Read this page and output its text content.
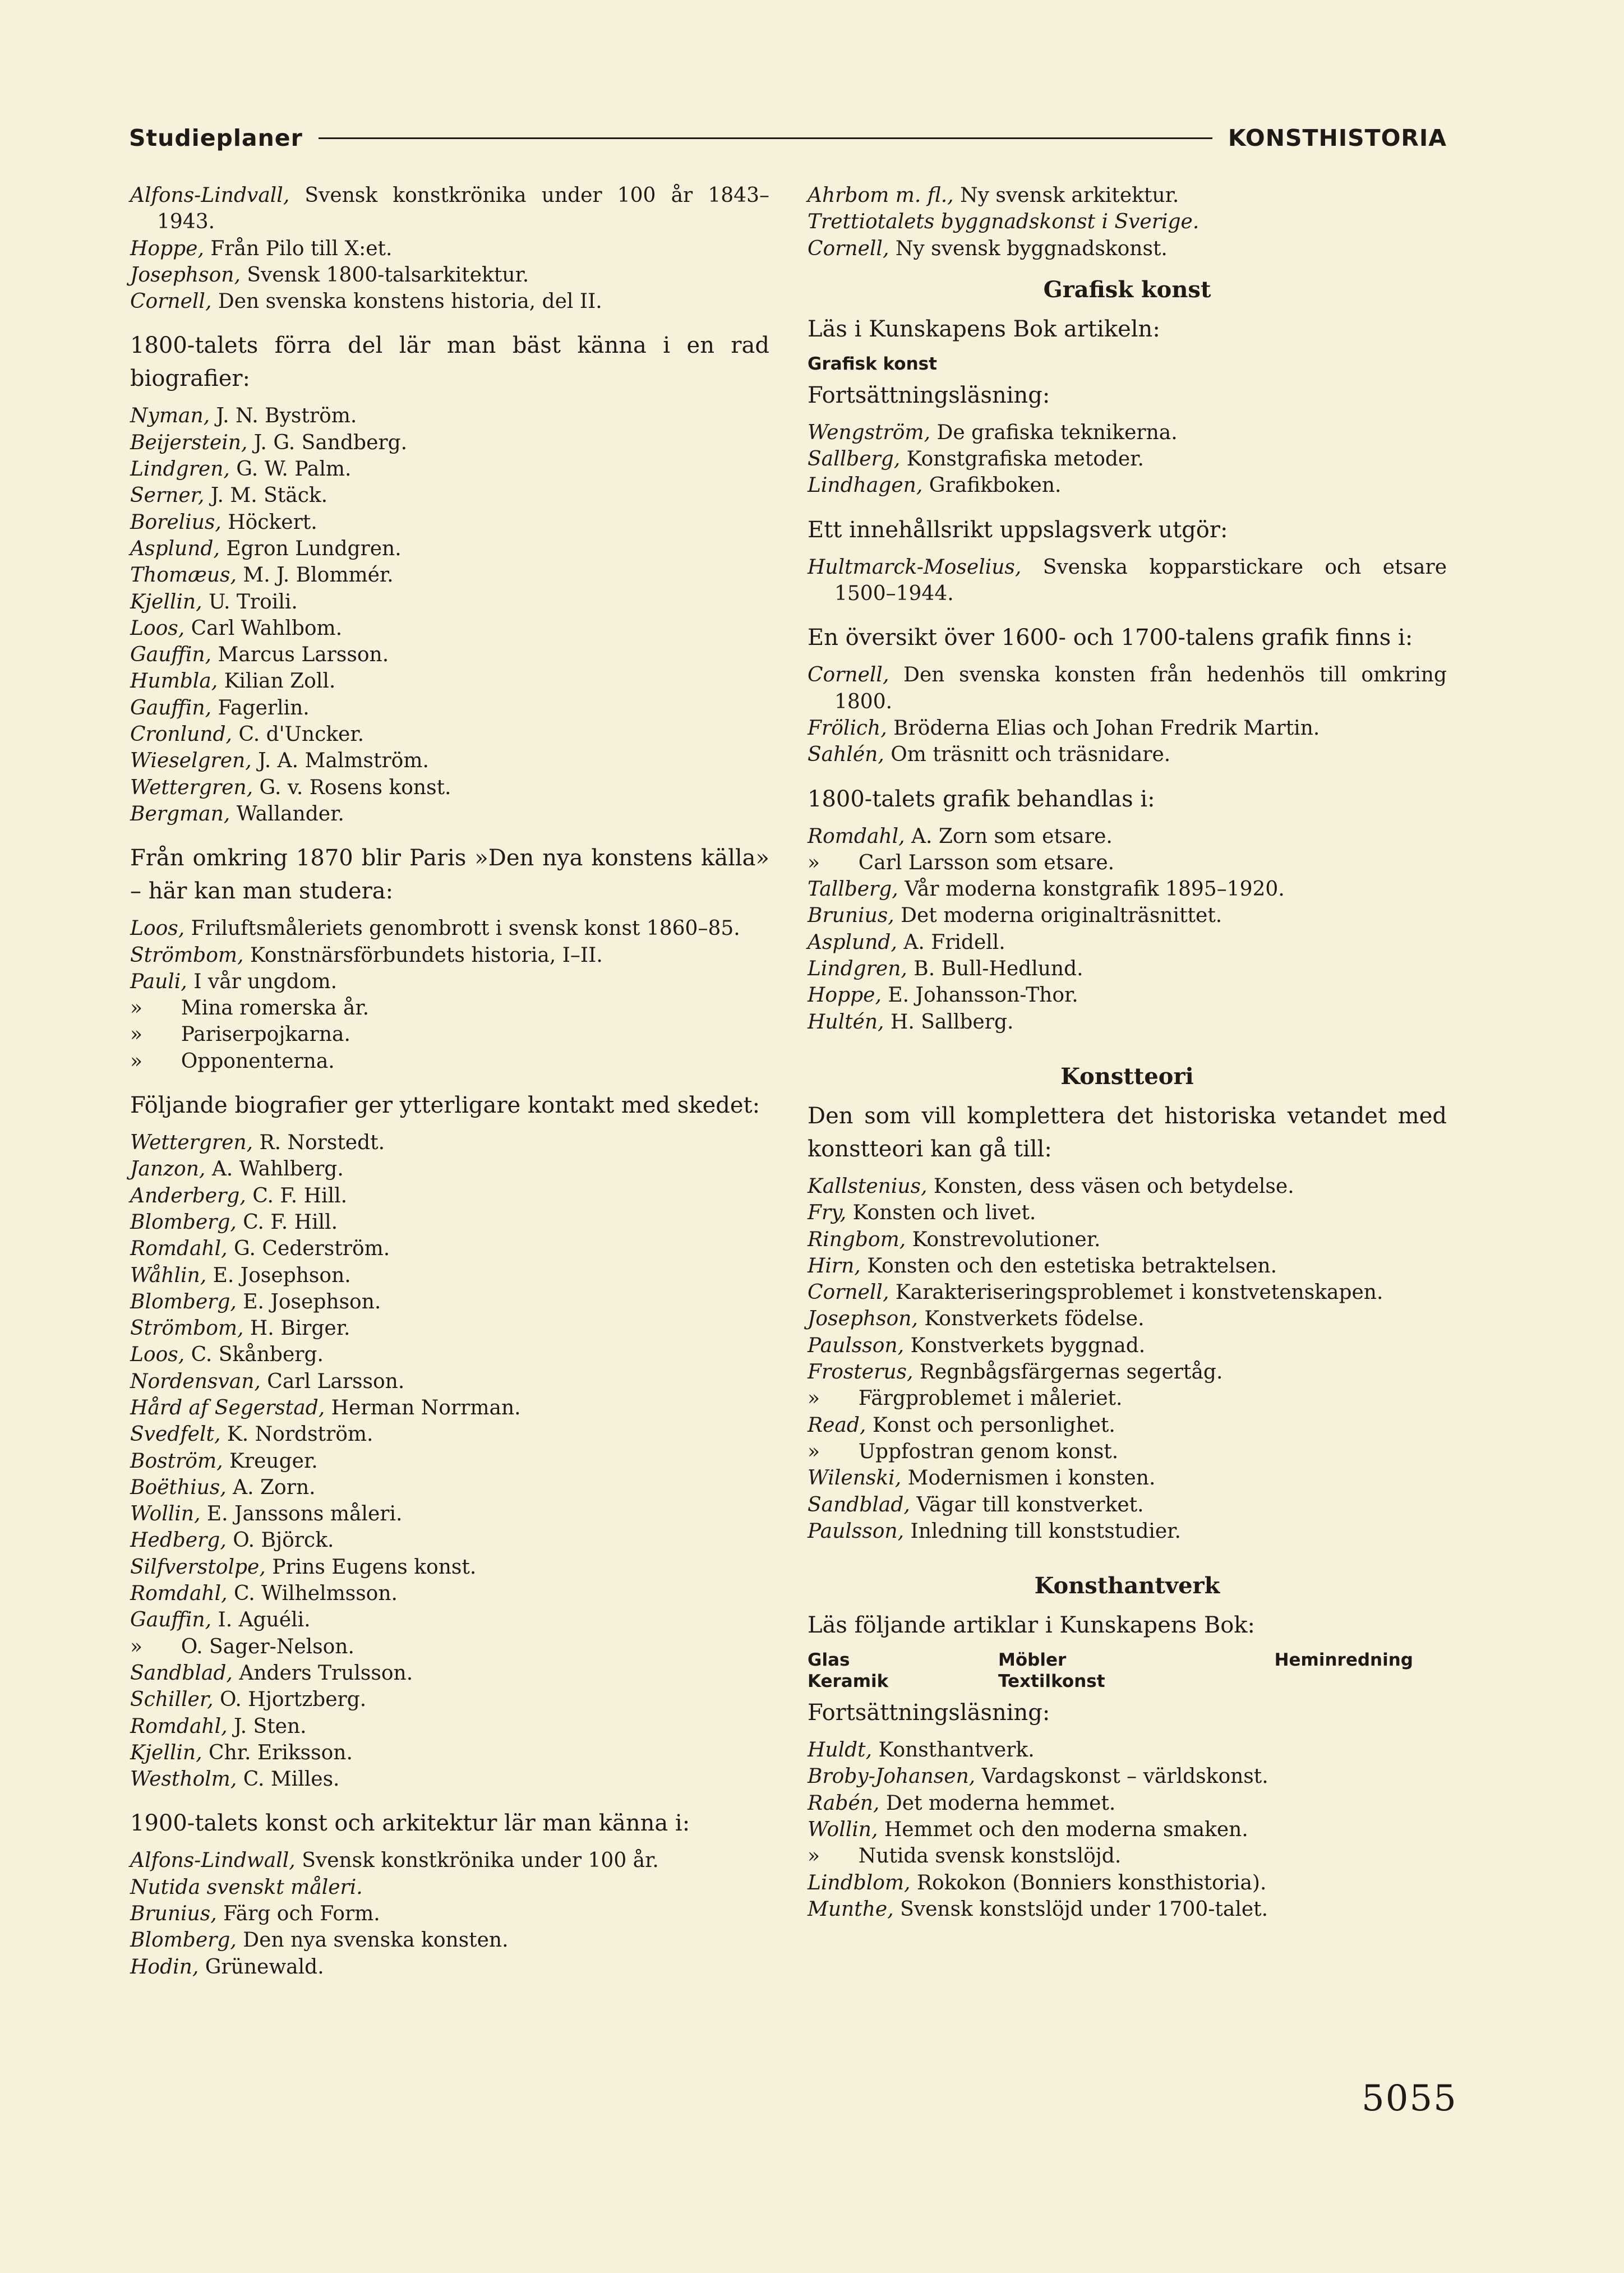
Studieplaner	KONSTHISTORIA
Alfons-Lindvall, Svensk konstkrönika under 100 år 1843–1943.
Hoppe, Från Pilo till X:et.
Josephson, Svensk 1800-talsarkitektur.
Cornell, Den svenska konstens historia, del II.
1800-talets förra del lär man bäst känna i en rad biografier:
Nyman, J. N. Byström.
Beijerstein, J. G. Sandberg.
Lindgren, G. W. Palm.
Serner, J. M. Stäck.
Borelius, Höckert.
Asplund, Egron Lundgren.
Thomæus, M. J. Blommér.
Kjellin, U. Troili.
Loos, Carl Wahlbom.
Gauffin, Marcus Larsson.
Humbla, Kilian Zoll.
Gauffin, Fagerlin.
Cronlund, C. d'Uncker.
Wieselgren, J. A. Malmström.
Wettergren, G. v. Rosens konst.
Bergman, Wallander.
Från omkring 1870 blir Paris »Den nya konstens källa» – här kan man studera:
Loos, Friluftsmåleriets genombrott i svensk konst 1860–85.
Strömbom, Konstnärsförbundets historia, I–II.
Pauli, I vår ungdom.
» Mina romerska år.
» Pariserpojkarna.
» Opponenterna.
Följande biografier ger ytterligare kontakt med skedet:
Wettergren, R. Norstedt.
Janzon, A. Wahlberg.
Anderberg, C. F. Hill.
Blomberg, C. F. Hill.
Romdahl, G. Cederström.
Wåhlin, E. Josephson.
Blomberg, E. Josephson.
Strömbom, H. Birger.
Loos, C. Skånberg.
Nordensvan, Carl Larsson.
Hård af Segerstad, Herman Norrman.
Svedfelt, K. Nordström.
Boström, Kreuger.
Boëthius, A. Zorn.
Wollin, E. Janssons måleri.
Hedberg, O. Björck.
Silfverstolpe, Prins Eugens konst.
Romdahl, C. Wilhelmsson.
Gauffin, I. Aguéli.
» O. Sager-Nelson.
Sandblad, Anders Trulsson.
Schiller, O. Hjortzberg.
Romdahl, J. Sten.
Kjellin, Chr. Eriksson.
Westholm, C. Milles.
1900-talets konst och arkitektur lär man känna i:
Alfons-Lindwall, Svensk konstkrönika under 100 år.
Nutida svenskt måleri.
Brunius, Färg och Form.
Blomberg, Den nya svenska konsten.
Hodin, Grünewald.
Ahrbom m. fl., Ny svensk arkitektur.
Trettiotalets byggnadskonst i Sverige.
Cornell, Ny svensk byggnadskonst.
Grafisk konst
Läs i Kunskapens Bok artikeln:
Grafisk konst
Fortsättningsläsning:
Wengström, De grafiska teknikerna.
Sallberg, Konstgrafiska metoder.
Lindhagen, Grafikboken.
Ett innehållsrikt uppslagsverk utgör:
Hultmarck-Moselius, Svenska kopparstickare och etsare 1500–1944.
En översikt över 1600- och 1700-talens grafik finns i:
Cornell, Den svenska konsten från hedenhös till omkring 1800.
Frölich, Bröderna Elias och Johan Fredrik Martin.
Sahlén, Om träsnitt och träsnidare.
1800-talets grafik behandlas i:
Romdahl, A. Zorn som etsare.
» Carl Larsson som etsare.
Tallberg, Vår moderna konstgrafik 1895–1920.
Brunius, Det moderna originalträsnittet.
Asplund, A. Fridell.
Lindgren, B. Bull-Hedlund.
Hoppe, E. Johansson-Thor.
Hultén, H. Sallberg.
Konstteori
Den som vill komplettera det historiska vetandet med konstteori kan gå till:
Kallstenius, Konsten, dess väsen och betydelse.
Fry, Konsten och livet.
Ringbom, Konstrevolutioner.
Hirn, Konsten och den estetiska betraktelsen.
Cornell, Karakteriseringsproblemet i konstvetenskapen.
Josephson, Konstverkets födelse.
Paulsson, Konstverkets byggnad.
Frosterus, Regnbågsfärgernas segertåg.
» Färgproblemet i måleriet.
Read, Konst och personlighet.
» Uppfostran genom konst.
Wilenski, Modernismen i konsten.
Sandblad, Vägar till konstverket.
Paulsson, Inledning till konststudier.
Konsthantverk
Läs följande artiklar i Kunskapens Bok:
Glas	Möbler	Heminredning
Keramik	Textilkonst
Fortsättningsläsning:
Huldt, Konsthantverk.
Broby-Johansen, Vardagskonst – världskonst.
Rabén, Det moderna hemmet.
Wollin, Hemmet och den moderna smaken.
» Nutida svensk konstslöjd.
Lindblom, Rokokon (Bonniers konsthistoria).
Munthe, Svensk konstslöjd under 1700-talet.
5055
